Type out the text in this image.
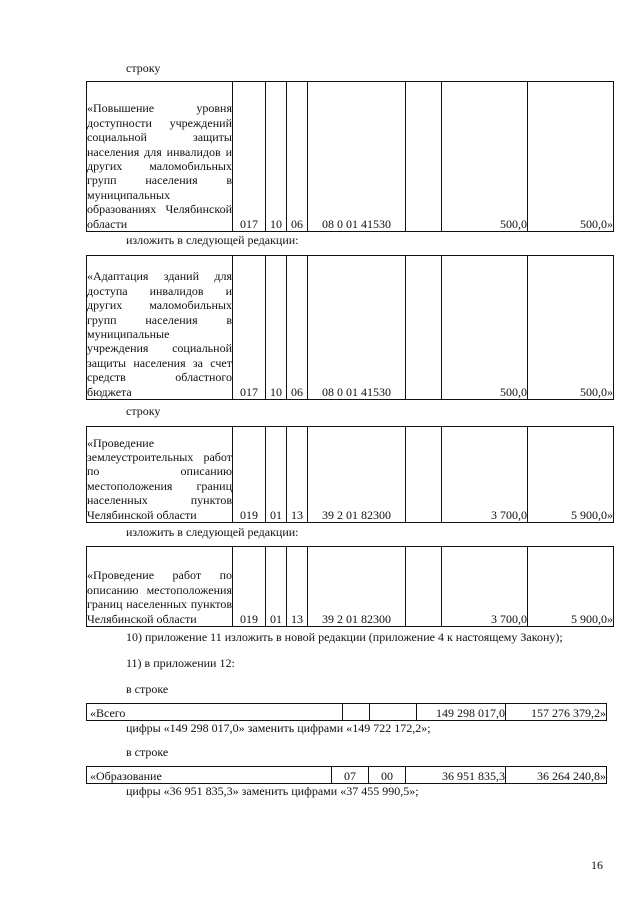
строку
«Повышение уровня доступности учреждений социальной защиты населения для инвалидов и других маломобильных групп населения в муниципальных образованиях Челябинской области	017	10	06	08 0 01 41530		500,0	500,0»
изложить в следующей редакции:
«Адаптация зданий для доступа инвалидов и других маломобильных групп населения в муниципальные учреждения социальной защиты населения за счет средств областного бюджета	017	10	06	08 0 01 41530		500,0	500,0»
строку
«Проведение землеустроительных работ по описанию местоположения границ населенных пунктов Челябинской области	019	01	13	39 2 01 82300		3 700,0	5 900,0»
изложить в следующей редакции:
«Проведение работ по описанию местоположения границ населенных пунктов Челябинской области	019	01	13	39 2 01 82300		3 700,0	5 900,0»
10) приложение 11 изложить в новой редакции (приложение 4 к настоящему Закону);
11) в приложении 12:
в строке
«Всего			149 298 017,0	157 276 379,2»
цифры «149 298 017,0» заменить цифрами «149 722 172,2»;
в строке
«Образование	07	00	36 951 835,3	36 264 240,8»
цифры «36 951 835,3» заменить цифрами «37 455 990,5»;
16
